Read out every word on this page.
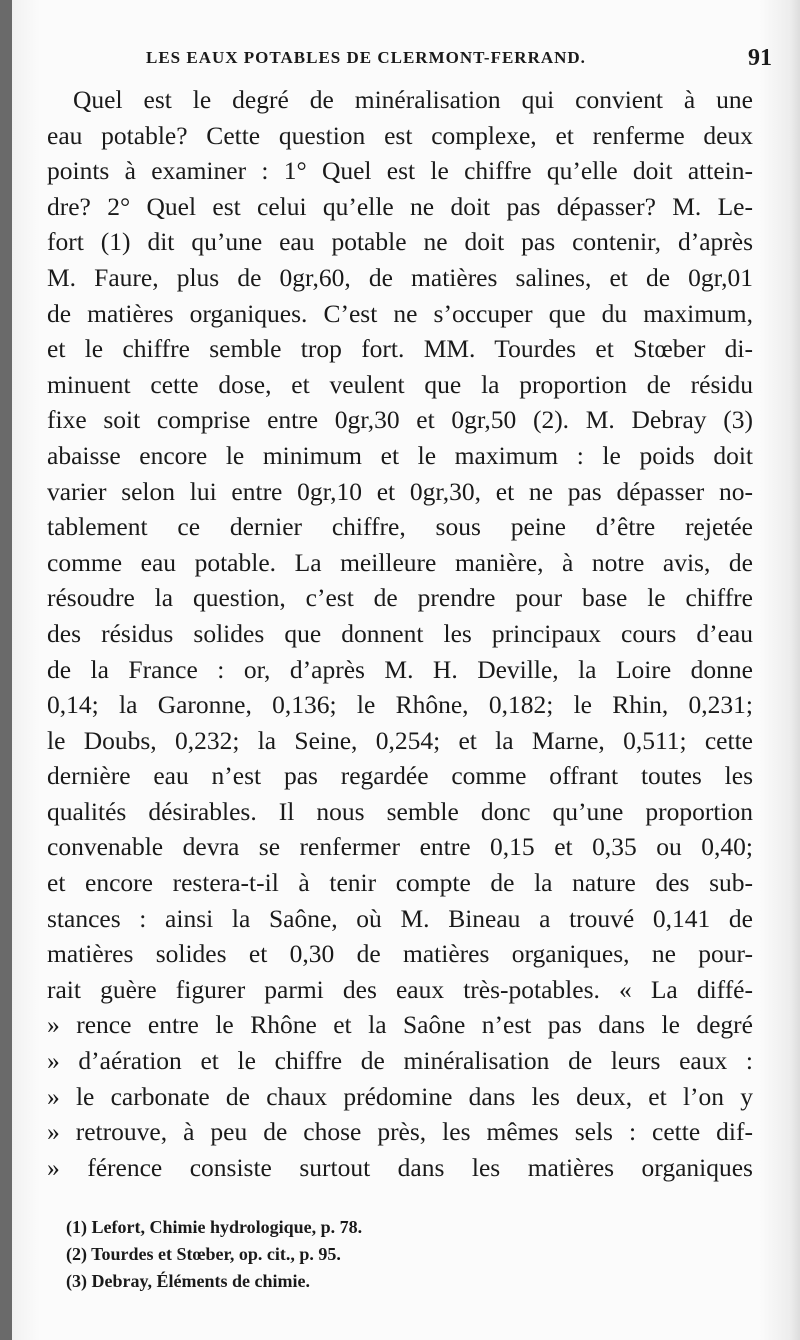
LES EAUX POTABLES DE CLERMONT-FERRAND.	91
Quel est le degré de minéralisation qui convient à une
eau potable? Cette question est complexe, et renferme deux
points à examiner : 1° Quel est le chiffre qu’elle doit attein-
dre? 2° Quel est celui qu’elle ne doit pas dépasser? M. Le-
fort (1) dit qu’une eau potable ne doit pas contenir, d’après
M. Faure, plus de 0gr,60, de matières salines, et de 0gr,01
de matières organiques. C’est ne s’occuper que du maximum,
et le chiffre semble trop fort. MM. Tourdes et Stœber di-
minuent cette dose, et veulent que la proportion de résidu
fixe soit comprise entre 0gr,30 et 0gr,50 (2). M. Debray (3)
abaisse encore le minimum et le maximum : le poids doit
varier selon lui entre 0gr,10 et 0gr,30, et ne pas dépasser no-
tablement ce dernier chiffre, sous peine d’être rejetée
comme eau potable. La meilleure manière, à notre avis, de
résoudre la question, c’est de prendre pour base le chiffre
des résidus solides que donnent les principaux cours d’eau
de la France : or, d’après M. H. Deville, la Loire donne
0,14; la Garonne, 0,136; le Rhône, 0,182; le Rhin, 0,231;
le Doubs, 0,232; la Seine, 0,254; et la Marne, 0,511; cette
dernière eau n’est pas regardée comme offrant toutes les
qualités désirables. Il nous semble donc qu’une proportion
convenable devra se renfermer entre 0,15 et 0,35 ou 0,40;
et encore restera-t-il à tenir compte de la nature des sub-
stances : ainsi la Saône, où M. Bineau a trouvé 0,141 de
matières solides et 0,30 de matières organiques, ne pour-
rait guère figurer parmi des eaux très-potables. « La diffé-
» rence entre le Rhône et la Saône n’est pas dans le degré
» d’aération et le chiffre de minéralisation de leurs eaux :
» le carbonate de chaux prédomine dans les deux, et l’on y
» retrouve, à peu de chose près, les mêmes sels : cette dif-
» férence consiste surtout dans les matières organiques
(1) Lefort, Chimie hydrologique, p. 78.
(2) Tourdes et Stœber, op. cit., p. 95.
(3) Debray, Éléments de chimie.
